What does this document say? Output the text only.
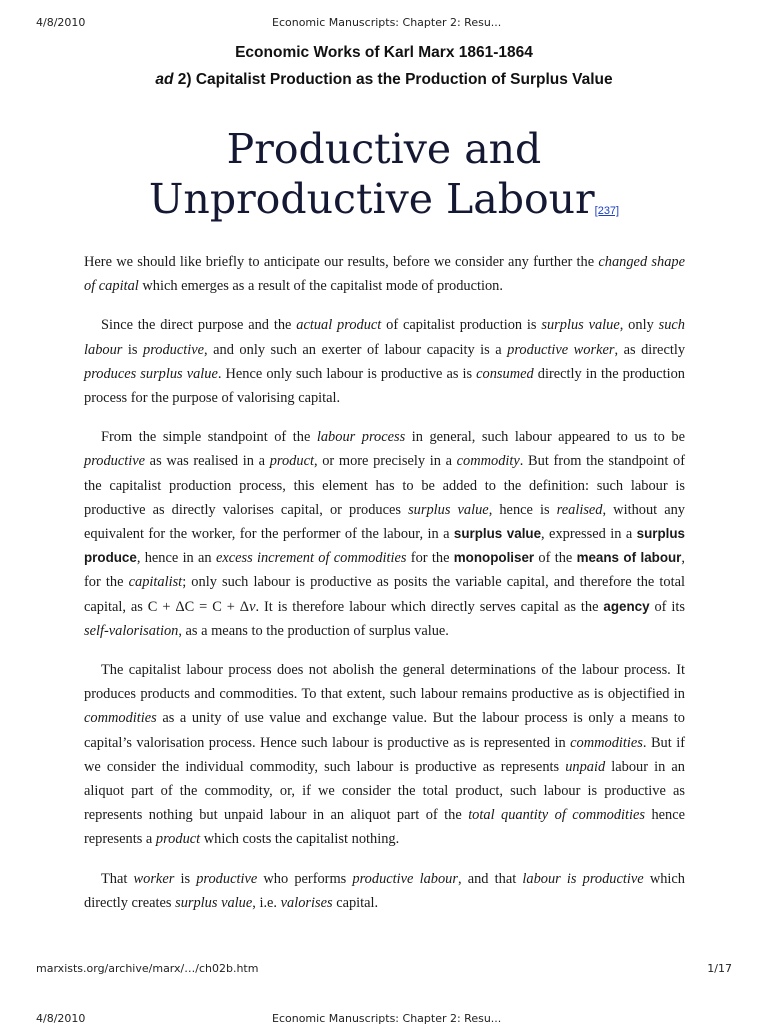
4/8/2010	Economic Manuscripts: Chapter 2: Resu...
Economic Works of Karl Marx 1861-1864
ad 2) Capitalist Production as the Production of Surplus Value
Productive and
Unproductive Labour[237]

Here we should like briefly to anticipate our results, before we consider any further the changed shape of capital which emerges as a result of the capitalist mode of production.

Since the direct purpose and the actual product of capitalist production is surplus value, only such labour is productive, and only such an exerter of labour capacity is a productive worker, as directly produces surplus value. Hence only such labour is productive as is consumed directly in the production process for the purpose of valorising capital.

From the simple standpoint of the labour process in general, such labour appeared to us to be productive as was realised in a product, or more precisely in a commodity. But from the standpoint of the capitalist production process, this element has to be added to the definition: such labour is productive as directly valorises capital, or produces surplus value, hence is realised, without any equivalent for the worker, for the performer of the labour, in a surplus value, expressed in a surplus produce, hence in an excess increment of commodities for the monopoliser of the means of labour, for the capitalist; only such labour is productive as posits the variable capital, and therefore the total capital, as C + ΔC = C + Δv. It is therefore labour which directly serves capital as the agency of its self-valorisation, as a means to the production of surplus value.

The capitalist labour process does not abolish the general determinations of the labour process. It produces products and commodities. To that extent, such labour remains productive as is objectified in commodities as a unity of use value and exchange value. But the labour process is only a means to capital’s valorisation process. Hence such labour is productive as is represented in commodities. But if we consider the individual commodity, such labour is productive as represents unpaid labour in an aliquot part of the commodity, or, if we consider the total product, such labour is productive as represents nothing but unpaid labour in an aliquot part of the total quantity of commodities hence represents a product which costs the capitalist nothing.

That worker is productive who performs productive labour, and that labour is productive which directly creates surplus value, i.e. valorises capital.

marxists.org/archive/marx/…/ch02b.htm	1/17
4/8/2010	Economic Manuscripts: Chapter 2: Resu...
